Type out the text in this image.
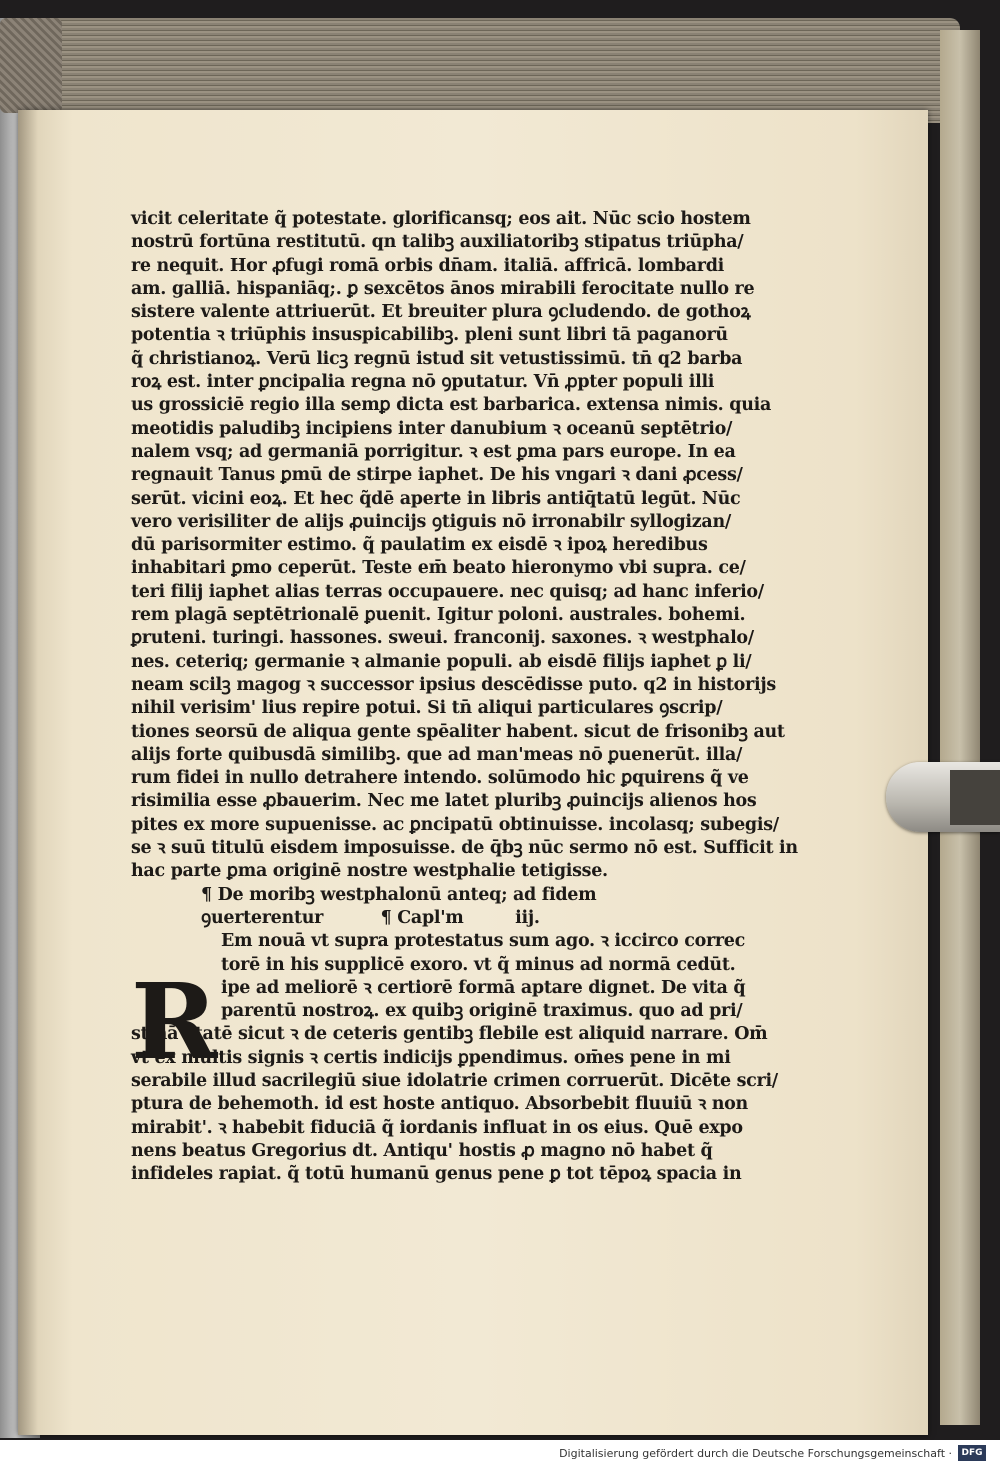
vicit celeritate q̃ potestate. glorificansq; eos ait. Nūc scio hostem
nostrū fortūna restitutū. qn talibꝫ auxiliatoribꝫ stipatus triūpha/
re nequit. Hor ꝓfugi romā orbis dn̄am. italiā. affricā. lombardi
am. galliā. hispaniāq;. ꝑ sexcētos ānos mirabili ferocitate nullo re
sistere valente attriuerūt. Et breuiter plura ꝯcludendo. de gothoꝝ
potentia ꝛ triūphis insuspicabilibꝫ. pleni sunt libri tā paganorū
q̃ christianoꝝ. Verū licꝫ regnū istud sit vetustissimū. tn̄ q2 barba
roꝝ est. inter ꝑncipalia regna nō ꝯputatur. Vn̄ ꝓpter populi illi
us grossiciē regio illa semꝑ dicta est barbarica. extensa nimis. quia
meotidis paludibꝫ incipiens inter danubium ꝛ oceanū septētrio/
nalem vsq; ad germaniā porrigitur. ꝛ est ꝑma pars europe. In ea
regnauit Tanus ꝑmū de stirpe iaphet. De his vngari ꝛ dani ꝓcess/
serūt. vicini eoꝝ. Et hec q̃dē aperte in libris antiq̄tatū legūt. Nūc
vero verisiliter de alijs ꝓuincijs ꝯtiguis nō irronabilr syllogizan/
dū parisormiter estimo. q̃ paulatim ex eisdē ꝛ ipoꝝ heredibus
inhabitari ꝑmo ceperūt. Teste em̄ beato hieronymo vbi supra. ce/
teri filij iaphet alias terras occupauere. nec quisq; ad hanc inferio/
rem plagā septētrionalē ꝑuenit. Igitur poloni. australes. bohemi.
ꝑruteni. turingi. hassones. sweui. franconij. saxones. ꝛ westphalo/
nes. ceteriq; germanie ꝛ almanie populi. ab eisdē filijs iaphet ꝑ li/
neam scilꝫ magog ꝛ successor ipsius descēdisse puto. q2 in historijs
nihil verisim' lius repire potui. Si tn̄ aliqui particulares ꝯscrip/
tiones seorsū de aliqua gente spēaliter habent. sicut de frisonibꝫ aut
alijs forte quibusdā similibꝫ. que ad man'meas nō ꝑuenerūt. illa/
rum fidei in nullo detrahere intendo. solūmodo hic ꝑquirens q̃ ve
risimilia esse ꝓbauerim. Nec me latet pluribꝫ ꝓuincijs alienos hos
pites ex more supuenisse. ac ꝑncipatū obtinuisse. incolasq; subegis/
se ꝛ suū titulū eisdem imposuisse. de q̄bꝫ nūc sermo nō est. Sufficit in
hac parte ꝑma originē nostre westphalie tetigisse.
¶ De moribꝫ westphalonū anteq; ad fidem
ꝯuerterentur	¶ Capl'm	iij.
R
Em nouā vt supra protestatus sum ago. ꝛ iccirco correc
torē in his supplicē exoro. vt q̃ minus ad normā cedūt.
ipe ad meliorē ꝛ certiorē formā aptare dignet. De vita q̃
parentū nostroꝝ. ex quibꝫ originē traximus. quo ad pri/
stinā etatē sicut ꝛ de ceteris gentibꝫ flebile est aliquid narrare. Om̄
vt ex multis signis ꝛ certis indicijs ꝑpendimus. om̄es pene in mi
serabile illud sacrilegiū siue idolatrie crimen corruerūt. Dicēte scri/
ptura de behemoth. id est hoste antiquo. Absorbebit fluuiū ꝛ non
mirabit'. ꝛ habebit fiduciā q̃ iordanis influat in os eius. Quē expo
nens beatus Gregorius dt. Antiqu' hostis ꝓ magno nō habet q̃
infideles rapiat. q̃ totū humanū genus pene ꝑ tot tēpoꝝ spacia in
Digitalisierung gefördert durch die Deutsche Forschungsgemeinschaft ·	DFG
